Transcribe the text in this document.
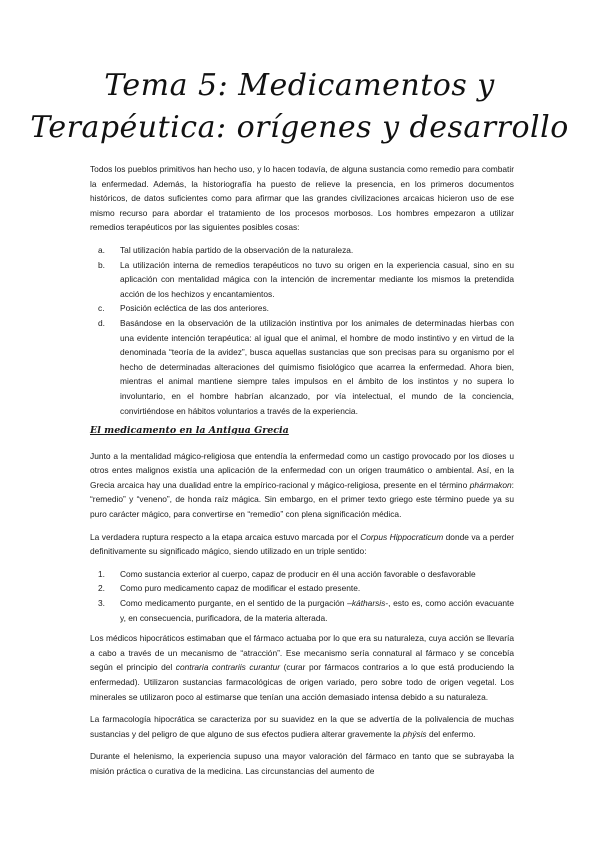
Tema 5: Medicamentos y
Terapéutica: orígenes y desarrollo

Todos los pueblos primitivos han hecho uso, y lo hacen todavía, de alguna sustancia como remedio para combatir la enfermedad. Además, la historiografía ha puesto de relieve la presencia, en los primeros documentos históricos, de datos suficientes como para afirmar que las grandes civilizaciones arcaicas hicieron uso de ese mismo recurso para abordar el tratamiento de los procesos morbosos. Los hombres empezaron a utilizar remedios terapéuticos por las siguientes posibles cosas:

a. Tal utilización había partido de la observación de la naturaleza.
b. La utilización interna de remedios terapéuticos no tuvo su origen en la experiencia casual, sino en su aplicación con mentalidad mágica con la intención de incrementar mediante los mismos la pretendida acción de los hechizos y encantamientos.
c. Posición ecléctica de las dos anteriores.
d. Basándose en la observación de la utilización instintiva por los animales de determinadas hierbas con una evidente intención terapéutica: al igual que el animal, el hombre de modo instintivo y en virtud de la denominada “teoría de la avidez”, busca aquellas sustancias que son precisas para su organismo por el hecho de determinadas alteraciones del quimismo fisiológico que acarrea la enfermedad. Ahora bien, mientras el animal mantiene siempre tales impulsos en el ámbito de los instintos y no supera lo involuntario, en el hombre habrían alcanzado, por vía intelectual, el mundo de la conciencia, convirtiéndose en hábitos voluntarios a través de la experiencia.
El medicamento en la Antigua Grecia

Junto a la mentalidad mágico-religiosa que entendía la enfermedad como un castigo provocado por los dioses u otros entes malignos existía una aplicación de la enfermedad con un origen traumático o ambiental. Así, en la Grecia arcaica hay una dualidad entre la empírico-racional y mágico-religiosa, presente en el término phármakon: “remedio” y “veneno”, de honda raíz mágica. Sin embargo, en el primer texto griego este término puede ya su puro carácter mágico, para convertirse en “remedio” con plena significación médica.

La verdadera ruptura respecto a la etapa arcaica estuvo marcada por el Corpus Hippocraticum donde va a perder definitivamente su significado mágico, siendo utilizado en un triple sentido:

1. Como sustancia exterior al cuerpo, capaz de producir en él una acción favorable o desfavorable
2. Como puro medicamento capaz de modificar el estado presente.
3. Como medicamento purgante, en el sentido de la purgación –kátharsis-, esto es, como acción evacuante y, en consecuencia, purificadora, de la materia alterada.

Los médicos hipocráticos estimaban que el fármaco actuaba por lo que era su naturaleza, cuya acción se llevaría a cabo a través de un mecanismo de “atracción”. Ese mecanismo sería connatural al fármaco y se concebía según el principio del contraria contrariis curantur (curar por fármacos contrarios a lo que está produciendo la enfermedad). Utilizaron sustancias farmacológicas de origen variado, pero sobre todo de origen vegetal. Los minerales se utilizaron poco al estimarse que tenían una acción demasiado intensa debido a su naturaleza.

La farmacología hipocrática se caracteriza por su suavidez en la que se advertía de la polivalencia de muchas sustancias y del peligro de que alguno de sus efectos pudiera alterar gravemente la phýsis del enfermo.

Durante el helenismo, la experiencia supuso una mayor valoración del fármaco en tanto que se subrayaba la misión práctica o curativa de la medicina. Las circunstancias del aumento de
